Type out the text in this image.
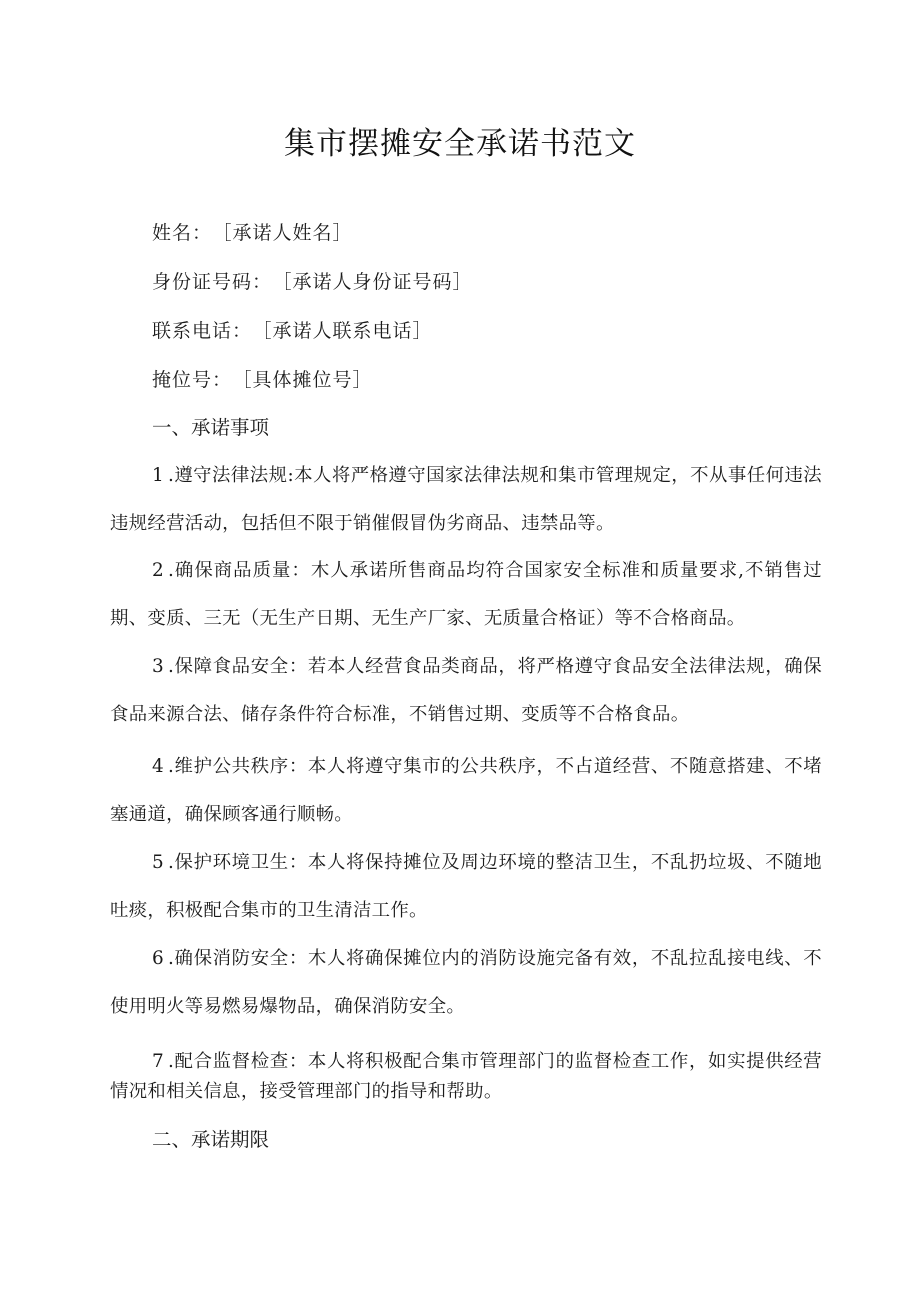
集市摆摊安全承诺书范文
姓名： ［承诺人姓名］
身份证号码： ［承诺人身份证号码］
联系电话： ［承诺人联系电话］
掩位号： ［具体摊位号］
一、承诺事项
1 .遵守法律法规:本人将严格遵守国家法律法规和集市管理规定，不从事任何违法违规经营活动，包括但不限于销催假冒伪劣商品、违禁品等。
2 .确保商品质量：木人承诺所售商品均符合国家安全标准和质量要求,不销售过期、变质、三无（无生产日期、无生产厂家、无质量合格证）等不合格商品。
3 .保障食品安全：若本人经营食品类商品，将严格遵守食品安全法律法规，确保食品来源合法、储存条件符合标准，不销售过期、变质等不合格食品。
4 .维护公共秩序：本人将遵守集市的公共秩序，不占道经营、不随意搭建、不堵塞通道，确保顾客通行顺畅。
5 .保护环境卫生：本人将保持摊位及周边环境的整洁卫生，不乱扔垃圾、不随地吐痰，积极配合集市的卫生清洁工作。
6 .确保消防安全：木人将确保摊位内的消防设施完备有效，不乱拉乱接电线、不使用明火等易燃易爆物品，确保消防安全。
7 .配合监督检查：本人将积极配合集市管理部门的监督检查工作，如实提供经营情况和相关信息，接受管理部门的指导和帮助。
二、承诺期限
